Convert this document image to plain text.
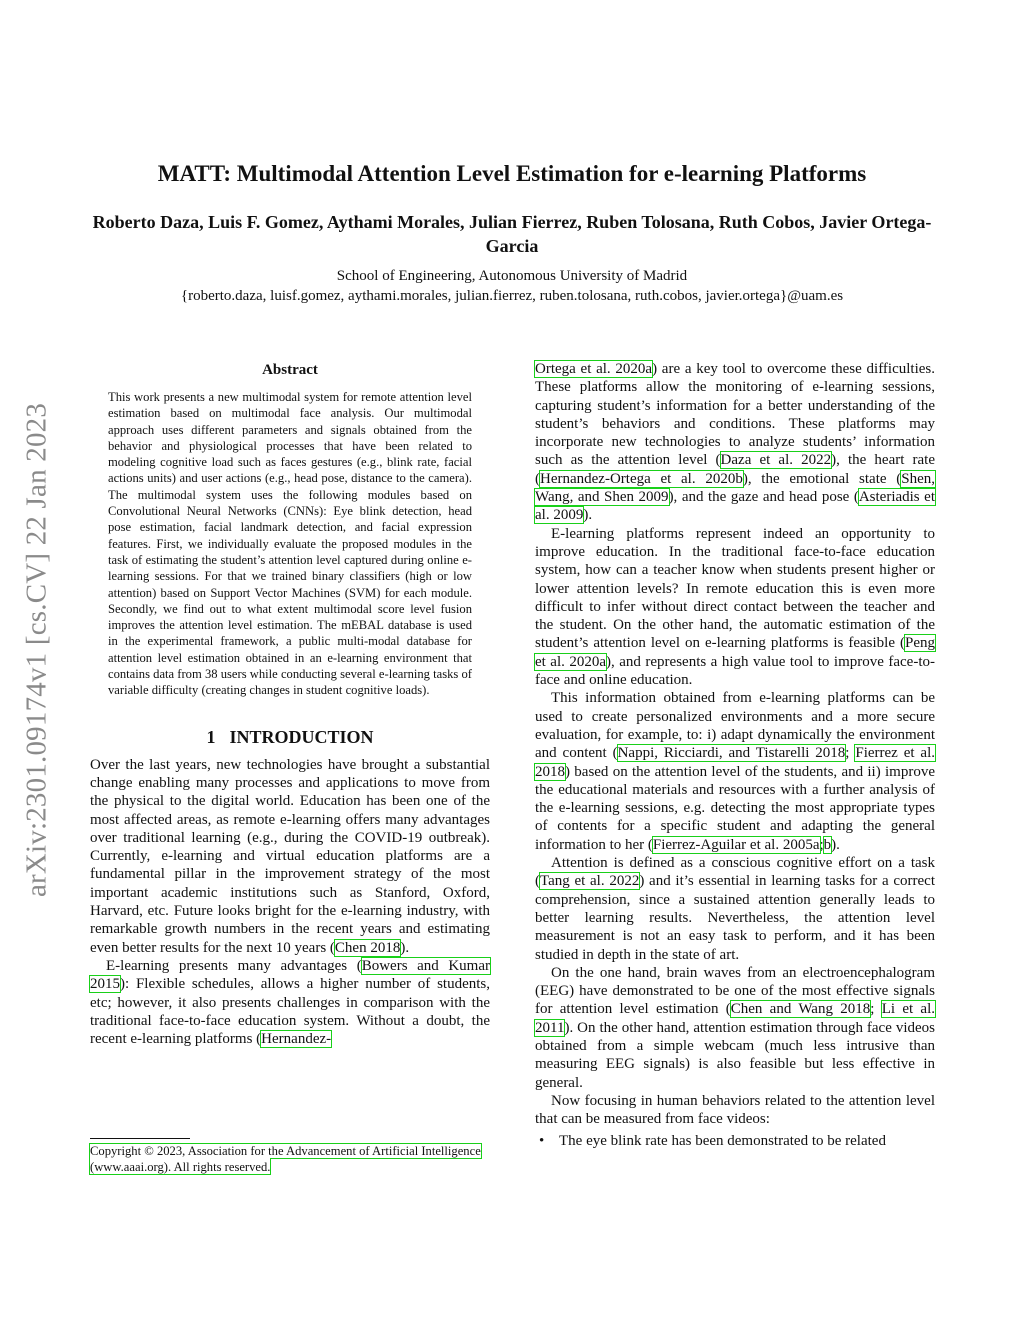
arXiv:2301.09174v1 [cs.CV] 22 Jan 2023
MATT: Multimodal Attention Level Estimation for e-learning Platforms
Roberto Daza, Luis F. Gomez, Aythami Morales, Julian Fierrez, Ruben Tolosana, Ruth Cobos, Javier Ortega-Garcia
School of Engineering, Autonomous University of Madrid
{roberto.daza, luisf.gomez, aythami.morales, julian.fierrez, ruben.tolosana, ruth.cobos, javier.ortega}@uam.es
Abstract

This work presents a new multimodal system for remote attention level estimation based on multimodal face analysis. Our multimodal approach uses different parameters and signals obtained from the behavior and physiological processes that have been related to modeling cognitive load such as faces gestures (e.g., blink rate, facial actions units) and user actions (e.g., head pose, distance to the camera). The multimodal system uses the following modules based on Convolutional Neural Networks (CNNs): Eye blink detection, head pose estimation, facial landmark detection, and facial expression features. First, we individually evaluate the proposed modules in the task of estimating the student’s attention level captured during online e-learning sessions. For that we trained binary classifiers (high or low attention) based on Support Vector Machines (SVM) for each module. Secondly, we find out to what extent multimodal score level fusion improves the attention level estimation. The mEBAL database is used in the experimental framework, a public multi-modal database for attention level estimation obtained in an e-learning environment that contains data from 38 users while conducting several e-learning tasks of variable difficulty (creating changes in student cognitive loads).

1 INTRODUCTION

Over the last years, new technologies have brought a substantial change enabling many processes and applications to move from the physical to the digital world. Education has been one of the most affected areas, as remote e-learning offers many advantages over traditional learning (e.g., during the COVID-19 outbreak). Currently, e-learning and virtual education platforms are a fundamental pillar in the improvement strategy of the most important academic institutions such as Stanford, Oxford, Harvard, etc. Future looks bright for the e-learning industry, with remarkable growth numbers in the recent years and estimating even better results for the next 10 years (Chen 2018).

E-learning presents many advantages (Bowers and Kumar 2015): Flexible schedules, allows a higher number of students, etc; however, it also presents challenges in comparison with the traditional face-to-face education system. Without a doubt, the recent e-learning platforms (Hernandez-

Copyright © 2023, Association for the Advancement of Artificial Intelligence (www.aaai.org). All rights reserved.

Ortega et al. 2020a) are a key tool to overcome these difficulties. These platforms allow the monitoring of e-learning sessions, capturing student’s information for a better understanding of the student’s behaviors and conditions. These platforms may incorporate new technologies to analyze students’ information such as the attention level (Daza et al. 2022), the heart rate (Hernandez-Ortega et al. 2020b), the emotional state (Shen, Wang, and Shen 2009), and the gaze and head pose (Asteriadis et al. 2009).

E-learning platforms represent indeed an opportunity to improve education. In the traditional face-to-face education system, how can a teacher know when students present higher or lower attention levels? In remote education this is even more difficult to infer without direct contact between the teacher and the student. On the other hand, the automatic estimation of the student’s attention level on e-learning platforms is feasible (Peng et al. 2020a), and represents a high value tool to improve face-to-face and online education.

This information obtained from e-learning platforms can be used to create personalized environments and a more secure evaluation, for example, to: i) adapt dynamically the environment and content (Nappi, Ricciardi, and Tistarelli 2018; Fierrez et al. 2018) based on the attention level of the students, and ii) improve the educational materials and resources with a further analysis of the e-learning sessions, e.g. detecting the most appropriate types of contents for a specific student and adapting the general information to her (Fierrez-Aguilar et al. 2005a;b).

Attention is defined as a conscious cognitive effort on a task (Tang et al. 2022) and it’s essential in learning tasks for a correct comprehension, since a sustained attention generally leads to better learning results. Nevertheless, the attention level measurement is not an easy task to perform, and it has been studied in depth in the state of art.

On the one hand, brain waves from an electroencephalogram (EEG) have demonstrated to be one of the most effective signals for attention level estimation (Chen and Wang 2018; Li et al. 2011). On the other hand, attention estimation through face videos obtained from a simple webcam (much less intrusive than measuring EEG signals) is also feasible but less effective in general.

Now focusing in human behaviors related to the attention level that can be measured from face videos:

• The eye blink rate has been demonstrated to be related
